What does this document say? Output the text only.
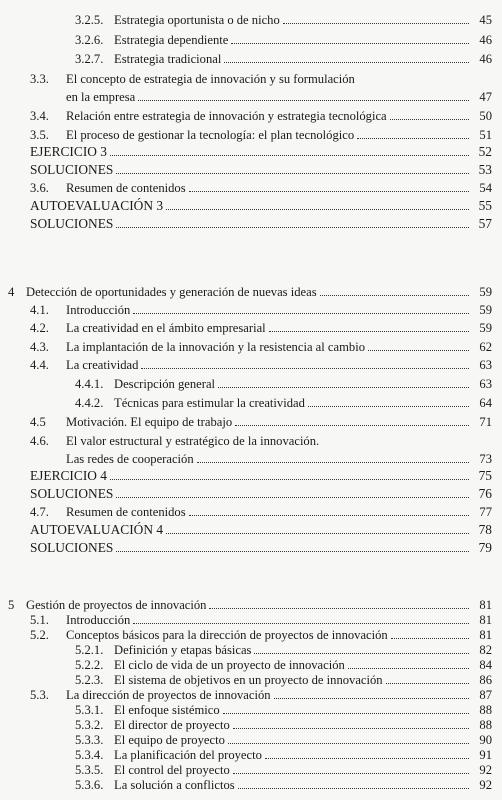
3.2.5. Estrategia oportunista o de nicho	45
3.2.6. Estrategia dependiente	46
3.2.7. Estrategia tradicional	46
3.3.	El concepto de estrategia de innovación y su formulación
en la empresa	47
3.4.	Relación entre estrategia de innovación y estrategia tecnológica	50
3.5.	El proceso de gestionar la tecnología: el plan tecnológico	51
EJERCICIO 3	52
SOLUCIONES	53
3.6.	Resumen de contenidos	54
AUTOEVALUACIÓN 3	55
SOLUCIONES	57
4 Detección de oportunidades y generación de nuevas ideas	59
4.1.	Introducción	59
4.2.	La creatividad en el ámbito empresarial	59
4.3.	La implantación de la innovación y la resistencia al cambio	62
4.4.	La creatividad	63
4.4.1. Descripción general	63
4.4.2. Técnicas para estimular la creatividad	64
4.5	Motivación. El equipo de trabajo	71
4.6.	El valor estructural y estratégico de la innovación.
Las redes de cooperación	73
EJERCICIO 4	75
SOLUCIONES	76
4.7.	Resumen de contenidos	77
AUTOEVALUACIÓN 4	78
SOLUCIONES	79
5 Gestión de proyectos de innovación	81
5.1.	Introducción	81
5.2.	Conceptos básicos para la dirección de proyectos de innovación	81
5.2.1. Definición y etapas básicas	82
5.2.2. El ciclo de vida de un proyecto de innovación	84
5.2.3. El sistema de objetivos en un proyecto de innovación	86
5.3.	La dirección de proyectos de innovación	87
5.3.1. El enfoque sistémico	88
5.3.2. El director de proyecto	88
5.3.3. El equipo de proyecto	90
5.3.4. La planificación del proyecto	91
5.3.5. El control del proyecto	92
5.3.6. La solución a conflictos	92
